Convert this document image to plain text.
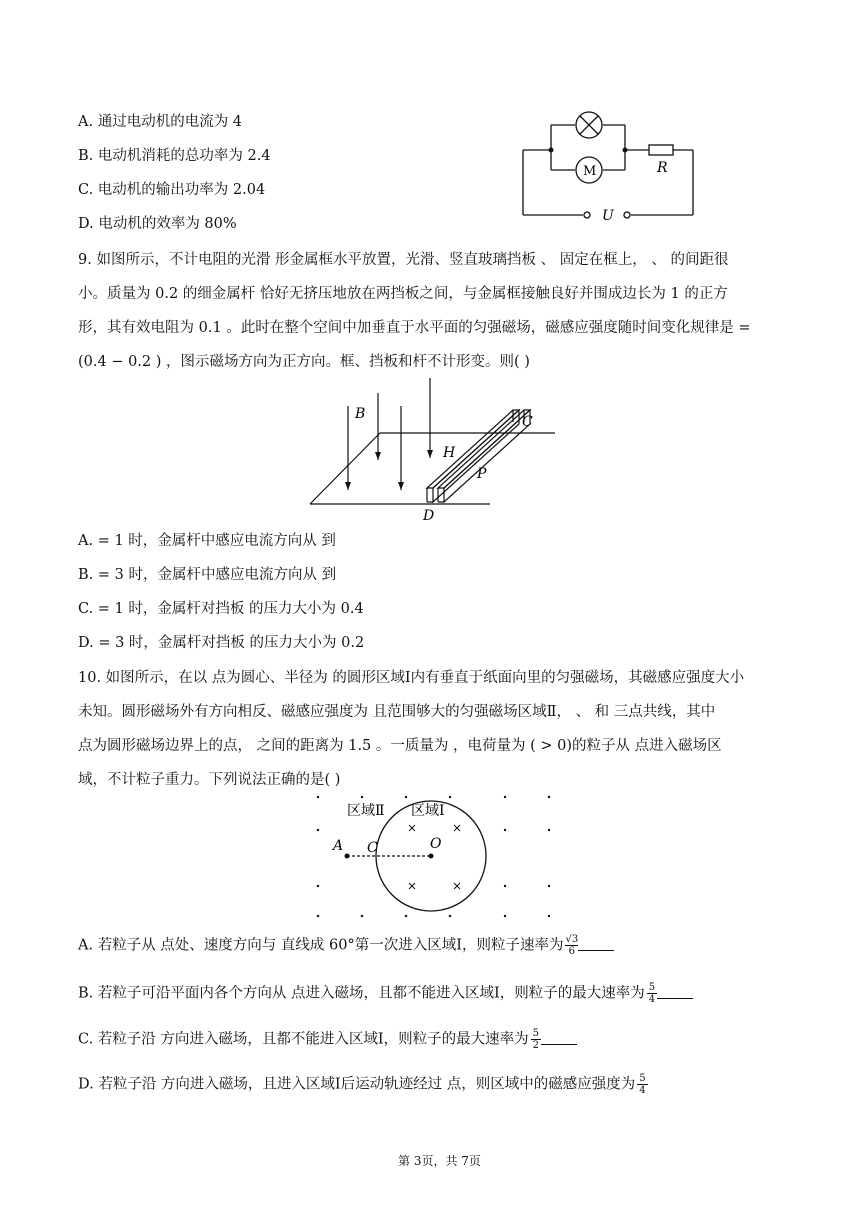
A. 通过电动机的电流为 4
B. 电动机消耗的总功率为 2.4
C. 电动机的输出功率为 2.04
D. 电动机的效率为 80%
M	R
U
9. 如图所示，不计电阻的光滑 形金属框水平放置，光滑、竖直玻璃挡板 、 固定在框上， 、 的间距很
小。质量为 0.2 的细金属杆 恰好无挤压地放在两挡板之间，与金属框接触良好并围成边长为 1 的正方
形，其有效电阻为 0.1 。此时在整个空间中加垂直于水平面的匀强磁场，磁感应强度随时间变化规律是 =
(0.4 − 0.2 ) ，图示磁场方向为正方向。框、挡板和杆不计形变。则( )
B	C
H
P
D
A. = 1 时，金属杆中感应电流方向从 到
B. = 3 时，金属杆中感应电流方向从 到
C. = 1 时，金属杆对挡板 的压力大小为 0.4
D. = 3 时，金属杆对挡板 的压力大小为 0.2
10. 如图所示，在以 点为圆心、半径为 的圆形区域Ⅰ内有垂直于纸面向里的匀强磁场，其磁感应强度大小
未知。圆形磁场外有方向相反、磁感应强度为 且范围够大的匀强磁场区域Ⅱ， 、 和 三点共线，其中
点为圆形磁场边界上的点， 之间的距离为 1.5 。一质量为 ，电荷量为 ( > 0)的粒子从 点进入磁场区
域，不计粒子重力。下列说法正确的是( )
区域Ⅱ 区域Ⅰ
A C	O
A. 若粒子从 点处、速度方向与 直线成 60°第一次进入区域Ⅰ，则粒子速率为 $\frac{√3}{6}$
B. 若粒子可沿平面内各个方向从 点进入磁场，且都不能进入区域Ⅰ，则粒子的最大速率为 $\frac{5}{4}$
C. 若粒子沿 方向进入磁场，且都不能进入区域Ⅰ，则粒子的最大速率为 $\frac{5}{2}$
D. 若粒子沿 方向进入磁场，且进入区域Ⅰ后运动轨迹经过 点，则区域中的磁感应强度为 $\frac{5}{4}$
第 3页，共 7页
